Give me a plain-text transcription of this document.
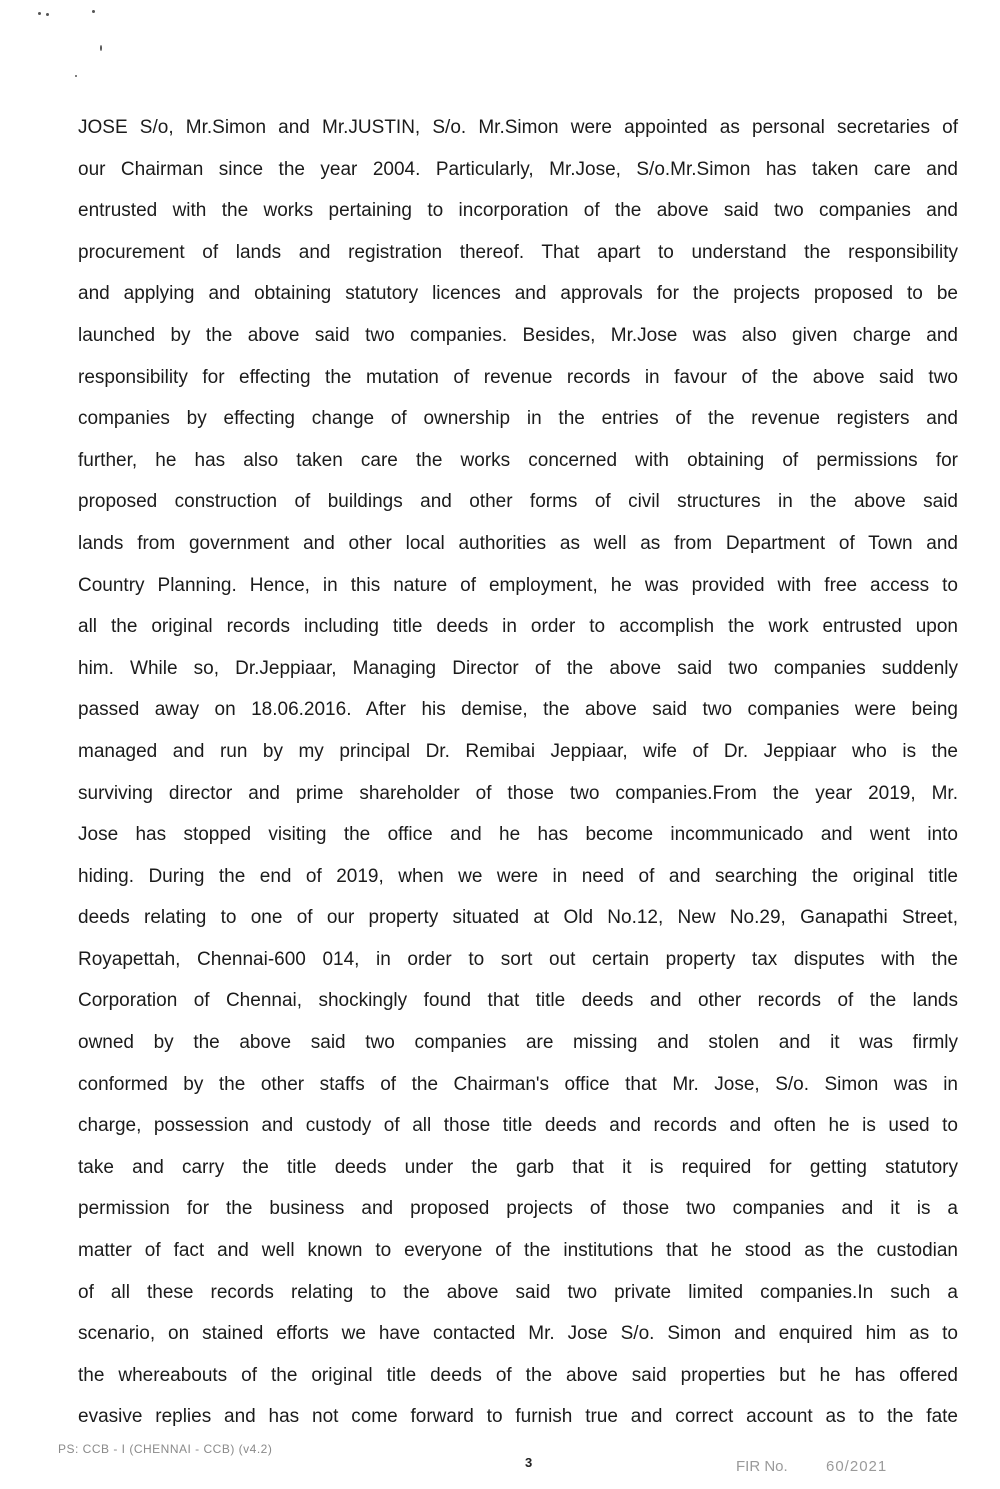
JOSE S/o, Mr.Simon and Mr.JUSTIN, S/o. Mr.Simon were appointed as personal secretaries of
our Chairman since the year 2004. Particularly, Mr.Jose, S/o.Mr.Simon has taken care and
entrusted with the works pertaining to incorporation of the above said two companies and
procurement of lands and registration thereof. That apart to understand the responsibility
and applying and obtaining statutory licences and approvals for the projects proposed to be
launched by the above said two companies. Besides, Mr.Jose was also given charge and
responsibility for effecting the mutation of revenue records in favour of the above said two
companies by effecting change of ownership in the entries of the revenue registers and
further, he has also taken care the works concerned with obtaining of permissions for
proposed construction of buildings and other forms of civil structures in the above said
lands from government and other local authorities as well as from Department of Town and
Country Planning. Hence, in this nature of employment, he was provided with free access to
all the original records including title deeds in order to accomplish the work entrusted upon
him. While so, Dr.Jeppiaar, Managing Director of the above said two companies suddenly
passed away on 18.06.2016. After his demise, the above said two companies were being
managed and run by my principal Dr. Remibai Jeppiaar, wife of Dr. Jeppiaar who is the
surviving director and prime shareholder of those two companies.From the year 2019, Mr.
Jose has stopped visiting the office and he has become incommunicado and went into
hiding. During the end of 2019, when we were in need of and searching the original title
deeds relating to one of our property situated at Old No.12, New No.29, Ganapathi Street,
Royapettah, Chennai-600 014, in order to sort out certain property tax disputes with the
Corporation of Chennai, shockingly found that title deeds and other records of the lands
owned by the above said two companies are missing and stolen and it was firmly
conformed by the other staffs of the Chairman's office that Mr. Jose, S/o. Simon was in
charge, possession and custody of all those title deeds and records and often he is used to
take and carry the title deeds under the garb that it is required for getting statutory
permission for the business and proposed projects of those two companies and it is a
matter of fact and well known to everyone of the institutions that he stood as the custodian
of all these records relating to the above said two private limited companies.In such a
scenario, on stained efforts we have contacted Mr. Jose S/o. Simon and enquired him as to
the whereabouts of the original title deeds of the above said properties but he has offered
evasive replies and has not come forward to furnish true and correct account as to the fate
PS: CCB - I (CHENNAI - CCB) (v4.2)
3	FIR No.	60/2021
